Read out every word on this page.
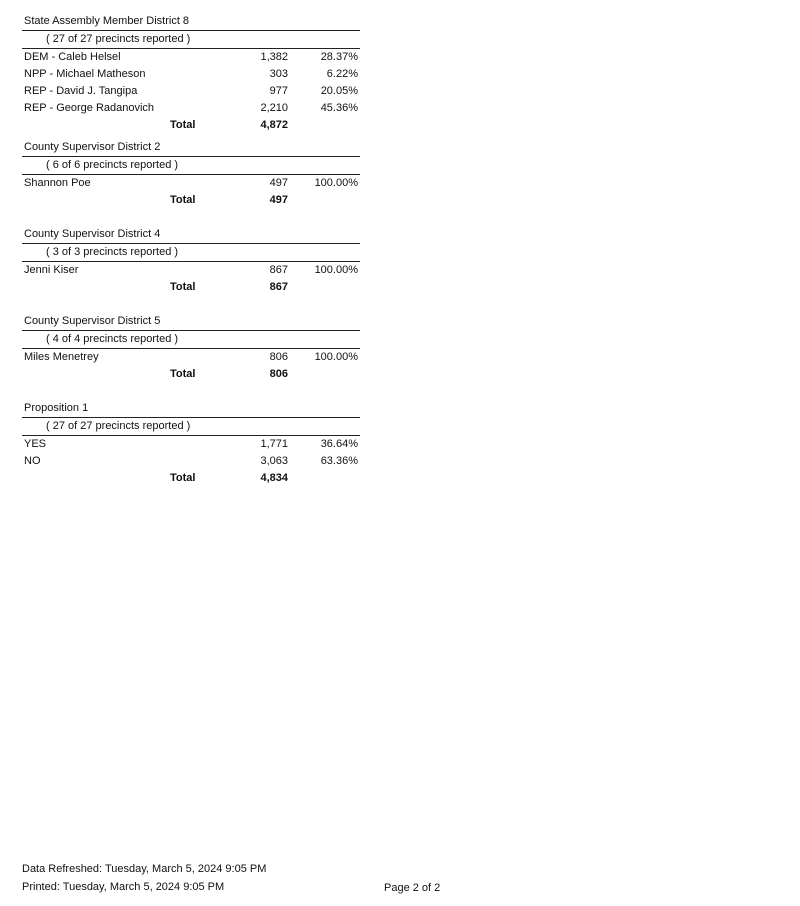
State Assembly Member District 8
( 27 of 27 precincts reported )
DEM - Caleb Helsel	1,382	28.37%
NPP - Michael Matheson	303	6.22%
REP - David J. Tangipa	977	20.05%
REP - George Radanovich	2,210	45.36%
Total	4,872
County Supervisor District 2
( 6 of 6 precincts reported )
Shannon Poe	497 100.00%
Total	497
County Supervisor District 4
( 3 of 3 precincts reported )
Jenni Kiser	867 100.00%
Total	867
County Supervisor District 5
( 4 of 4 precincts reported )
Miles Menetrey	806 100.00%
Total	806
Proposition 1
( 27 of 27 precincts reported )
YES	1,771	36.64%
NO	3,063	63.36%
Total	4,834
Data Refreshed: Tuesday, March 5, 2024 9:05 PM
Printed: Tuesday, March 5, 2024 9:05 PM	Page 2 of 2
